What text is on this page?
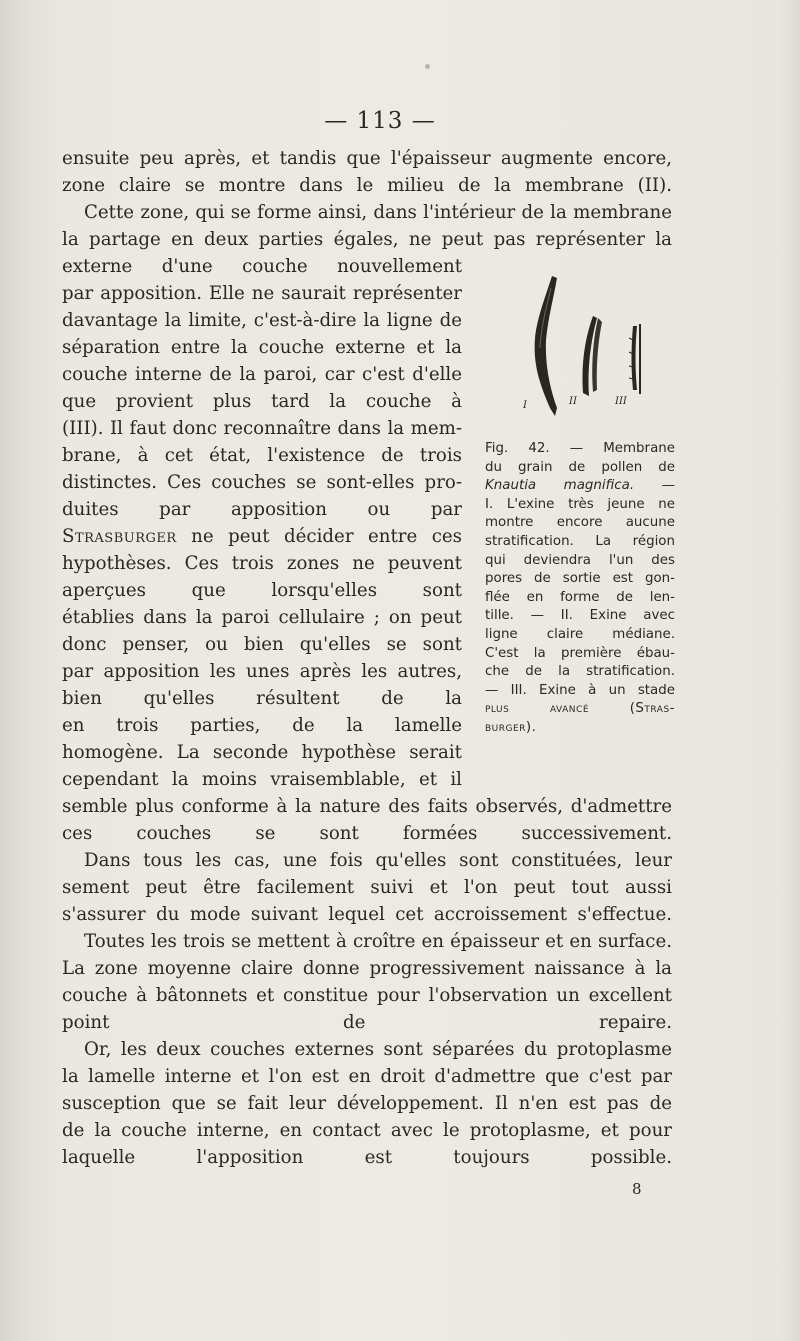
— 113 —
ensuite peu après, et tandis que l'épaisseur augmente encore,
zone claire se montre dans le milieu de la membrane (II).
Cette zone, qui se forme ainsi, dans l'intérieur de la membrane
la partage en deux parties égales, ne peut pas représenter la
externe d'une couche nouvellement
par apposition. Elle ne saurait représenter
davantage la limite, c'est-à-dire la ligne de
séparation entre la couche externe et la
couche interne de la paroi, car c'est d'elle
que provient plus tard la couche à
(III). Il faut donc reconnaître dans la mem-
brane, à cet état, l'existence de trois
distinctes. Ces couches se sont-elles pro-
duites par apposition ou par
Strasburger ne peut décider entre ces
hypothèses. Ces trois zones ne peuvent
aperçues que lorsqu'elles sont
établies dans la paroi cellulaire ; on peut
donc penser, ou bien qu'elles se sont
par apposition les unes après les autres,
bien qu'elles résultent de la
en trois parties, de la lamelle
homogène. La seconde hypothèse serait
cependant la moins vraisemblable, et il
I	II	III
Fig. 42. — Membrane
du grain de pollen de
Knautia magnifica. —
I. L'exine très jeune ne
montre encore aucune
stratification. La région
qui deviendra l'un des
pores de sortie est gon-
flée en forme de len-
tille. — II. Exine avec
ligne claire médiane.
C'est la première ébau-
che de la stratification.
— III. Exine à un stade
plus avancé (Stras-
burger).
semble plus conforme à la nature des faits observés, d'admettre
ces couches se sont formées successivement.
Dans tous les cas, une fois qu'elles sont constituées, leur
sement peut être facilement suivi et l'on peut tout aussi
s'assurer du mode suivant lequel cet accroissement s'effectue.
Toutes les trois se mettent à croître en épaisseur et en surface.
La zone moyenne claire donne progressivement naissance à la
couche à bâtonnets et constitue pour l'observation un excellent
point de repaire.
Or, les deux couches externes sont séparées du protoplasme
la lamelle interne et l'on est en droit d'admettre que c'est par
susception que se fait leur développement. Il n'en est pas de
de la couche interne, en contact avec le protoplasme, et pour
laquelle l'apposition est toujours possible.
8
